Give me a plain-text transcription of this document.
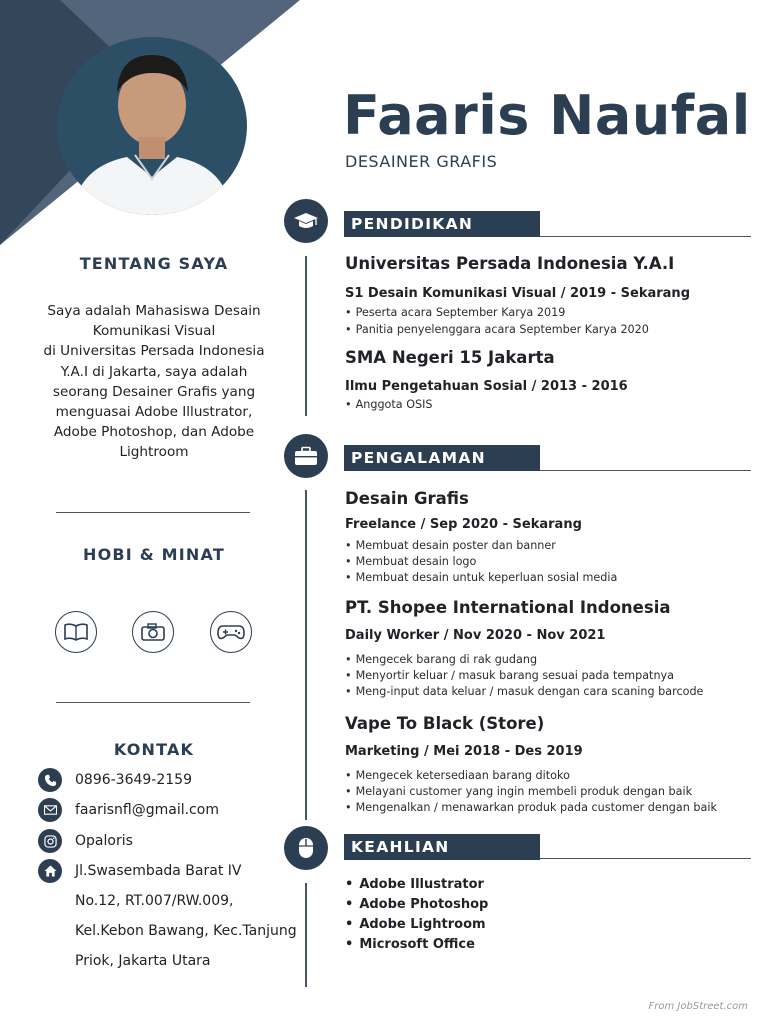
Faaris Naufal
DESAINER GRAFIS
TENTANG SAYA
Saya adalah Mahasiswa Desain
Komunikasi Visual
di Universitas Persada Indonesia
Y.A.I di Jakarta, saya adalah
seorang Desainer Grafis yang
menguasai Adobe Illustrator,
Adobe Photoshop, dan Adobe
Lightroom
HOBI & MINAT
KONTAK
0896-3649-2159
faarisnfl@gmail.com
Opaloris
Jl.Swasembada Barat IV
No.12, RT.007/RW.009,
Kel.Kebon Bawang, Kec.Tanjung
Priok, Jakarta Utara
PENDIDIKAN
Universitas Persada Indonesia Y.A.I
S1 Desain Komunikasi Visual / 2019 - Sekarang
• Peserta acara September Karya 2019
• Panitia penyelenggara acara September Karya 2020
SMA Negeri 15 Jakarta
Ilmu Pengetahuan Sosial / 2013 - 2016
• Anggota OSIS
PENGALAMAN
Desain Grafis
Freelance / Sep 2020 - Sekarang
• Membuat desain poster dan banner
• Membuat desain logo
• Membuat desain untuk keperluan sosial media
PT. Shopee International Indonesia
Daily Worker / Nov 2020 - Nov 2021
• Mengecek barang di rak gudang
• Menyortir keluar / masuk barang sesuai pada tempatnya
• Meng-input data keluar / masuk dengan cara scaning barcode
Vape To Black (Store)
Marketing / Mei 2018 - Des 2019
• Mengecek ketersediaan barang ditoko
• Melayani customer yang ingin membeli produk dengan baik
• Mengenalkan / menawarkan produk pada customer dengan baik
KEAHLIAN
• Adobe Illustrator
• Adobe Photoshop
• Adobe Lightroom
• Microsoft Office
From JobStreet.com
